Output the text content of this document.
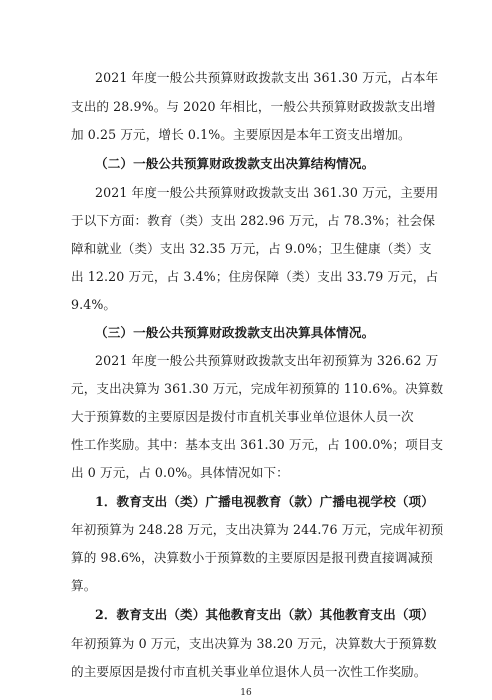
2021 年度一般公共预算财政拨款支出 361.30 万元，占本年
支出的 28.9%。与 2020 年相比，一般公共预算财政拨款支出增
加 0.25 万元，增长 0.1%。主要原因是本年工资支出增加。
（二）一般公共预算财政拨款支出决算结构情况。
2021 年度一般公共预算财政拨款支出 361.30 万元，主要用
于以下方面：教育（类）支出 282.96 万元，占 78.3%；社会保
障和就业（类）支出 32.35 万元，占 9.0%；卫生健康（类）支
出 12.20 万元，占 3.4%；住房保障（类）支出 33.79 万元，占
9.4%。
（三）一般公共预算财政拨款支出决算具体情况。
2021 年度一般公共预算财政拨款支出年初预算为 326.62 万
元，支出决算为 361.30 万元，完成年初预算的 110.6%。决算数
大于预算数的主要原因是拨付市直机关事业单位退休人员一次
性工作奖励。其中：基本支出 361.30 万元，占 100.0%；项目支
出 0 万元，占 0.0%。具体情况如下：
1．教育支出（类）广播电视教育（款）广播电视学校（项）
年初预算为 248.28 万元，支出决算为 244.76 万元，完成年初预
算的 98.6%，决算数小于预算数的主要原因是报刊费直接调减预
算。
16
2．教育支出（类）其他教育支出（款）其他教育支出（项）
年初预算为 0 万元，支出决算为 38.20 万元，决算数大于预算数
的主要原因是拨付市直机关事业单位退休人员一次性工作奖励。
